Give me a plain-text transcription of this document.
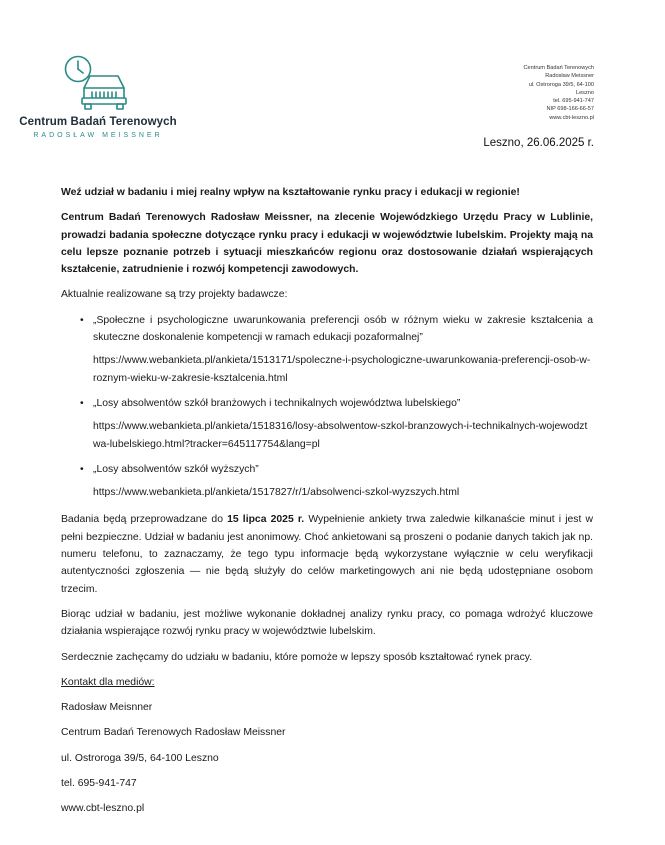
Centrum Badań Terenowych
RADOSŁAW MEISSNER
Centrum Badań Terenowych
Radosław Meissner
ul. Ostroroga 39/5, 64-100
Leszno
tel. 695-941-747
NIP 698-166-66-57
www.cbt-leszno.pl
Leszno, 26.06.2025 r.

Weź udział w badaniu i miej realny wpływ na kształtowanie rynku pracy i edukacji w regionie!

Centrum Badań Terenowych Radosław Meissner, na zlecenie Wojewódzkiego Urzędu Pracy w Lublinie, prowadzi badania społeczne dotyczące rynku pracy i edukacji w województwie lubelskim. Projekty mają na celu lepsze poznanie potrzeb i sytuacji mieszkańców regionu oraz dostosowanie działań wspierających kształcenie, zatrudnienie i rozwój kompetencji zawodowych.

Aktualnie realizowane są trzy projekty badawcze:

• „Społeczne i psychologiczne uwarunkowania preferencji osób w różnym wieku w zakresie kształcenia a skuteczne doskonalenie kompetencji w ramach edukacji pozaformalnej”
https://www.webankieta.pl/ankieta/1513171/spoleczne-i-psychologiczne-uwarunkowania-preferencji-osob-w-roznym-wieku-w-zakresie-ksztalcenia.html
• „Losy absolwentów szkół branżowych i technikalnych województwa lubelskiego”
https://www.webankieta.pl/ankieta/1518316/losy-absolwentow-szkol-branzowych-i-technikalnych-wojewodztwa-lubelskiego.html?tracker=645117754&lang=pl
• „Losy absolwentów szkół wyższych”
https://www.webankieta.pl/ankieta/1517827/r/1/absolwenci-szkol-wyzszych.html

Badania będą przeprowadzane do 15 lipca 2025 r. Wypełnienie ankiety trwa zaledwie kilkanaście minut i jest w pełni bezpieczne. Udział w badaniu jest anonimowy. Choć ankietowani są proszeni o podanie danych takich jak np. numeru telefonu, to zaznaczamy, że tego typu informacje będą wykorzystane wyłącznie w celu weryfikacji autentyczności zgłoszenia — nie będą służyły do celów marketingowych ani nie będą udostępniane osobom trzecim.

Biorąc udział w badaniu, jest możliwe wykonanie dokładnej analizy rynku pracy, co pomaga wdrożyć kluczowe działania wspierające rozwój rynku pracy w województwie lubelskim.

Serdecznie zachęcamy do udziału w badaniu, które pomoże w lepszy sposób kształtować rynek pracy.

Kontakt dla mediów:

Radosław Meisnner

Centrum Badań Terenowych Radosław Meissner

ul. Ostroroga 39/5, 64-100 Leszno

tel. 695-941-747

www.cbt-leszno.pl
